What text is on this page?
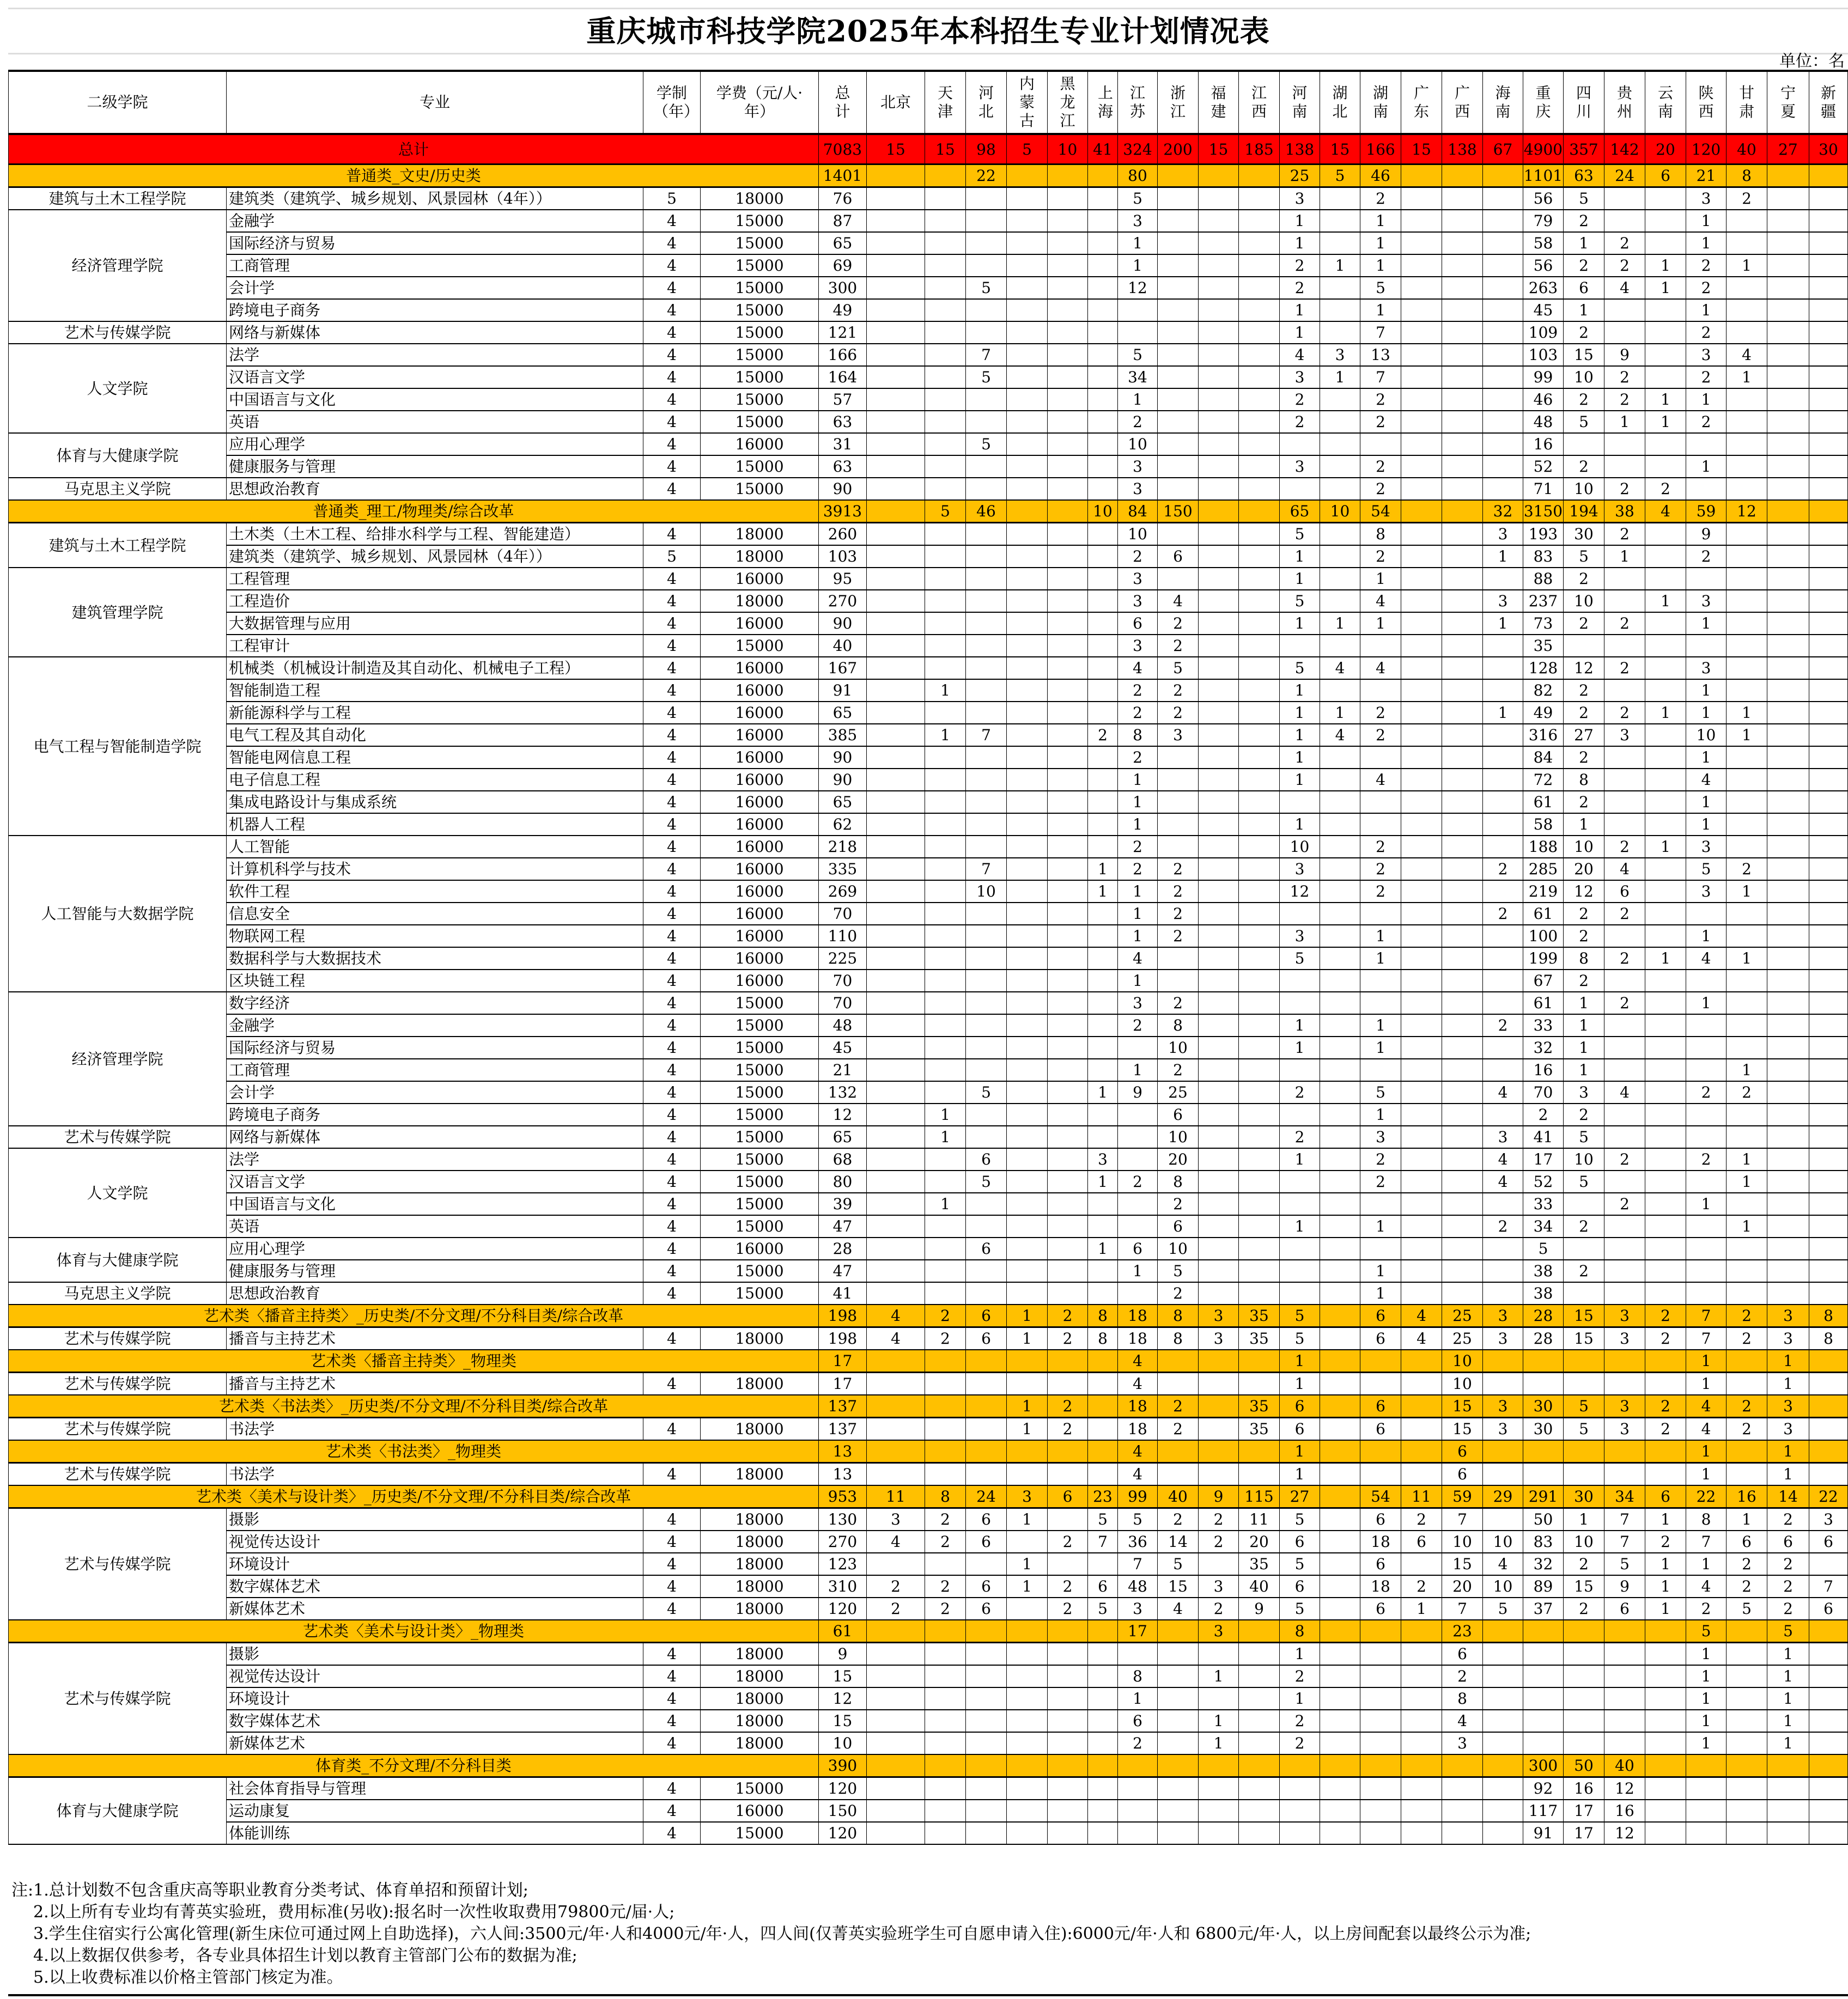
重庆城市科技学院2025年本科招生专业计划情况表
单位：名
二级学院	专业	学制（年）	学费（元/人·年）	总计	北京	天津	河北	内蒙古	黑龙江	上海	江苏	浙江	福建	江西	河南	湖北	湖南	广东	广西	海南	重庆	四川	贵州	云南	陕西	甘肃	宁夏	新疆
总计				7083	15	15	98	5	10	41	324	200	15	185	138	15	166	15	138	67	4900	357	142	20	120	40	27	30
普通类_文史/历史类				1401			22				80				25	5	46				1101	63	24	6	21	8		
建筑与土木工程学院	建筑类（建筑学、城乡规划、风景园林（4年））	5	18000	76							5				3		2				56	5			3	2		
经济管理学院	金融学	4	15000	87							3				1		1				79	2			1			
	国际经济与贸易	4	15000	65							1				1		1				58	1	2		1			
	工商管理	4	15000	69							1				2	1	1				56	2	2	1	2	1		
	会计学	4	15000	300			5				12				2		5				263	6	4	1	2			
	跨境电子商务	4	15000	49											1		1				45	1			1			
艺术与传媒学院	网络与新媒体	4	15000	121											1		7				109	2			2			
人文学院	法学	4	15000	166			7				5				4	3	13				103	15	9		3	4		
	汉语言文学	4	15000	164			5				34				3	1	7				99	10	2		2	1		
	中国语言与文化	4	15000	57							1				2		2				46	2	2	1	1			
	英语	4	15000	63							2				2		2				48	5	1	1	2			
体育与大健康学院	应用心理学	4	16000	31			5				10										16							
	健康服务与管理	4	15000	63							3				3		2				52	2			1			
马克思主义学院	思想政治教育	4	15000	90							3						2				71	10	2	2				
普通类_理工/物理类/综合改革				3913		5	46			10	84	150			65	10	54			32	3150	194	38	4	59	12		
建筑与土木工程学院	土木类（土木工程、给排水科学与工程、智能建造）	4	18000	260							10				5		8			3	193	30	2		9			
	建筑类（建筑学、城乡规划、风景园林（4年））	5	18000	103							2	6			1		2			1	83	5	1		2			
建筑管理学院	工程管理	4	16000	95							3				1		1				88	2						
	工程造价	4	18000	270							3	4			5		4			3	237	10		1	3			
	大数据管理与应用	4	16000	90							6	2			1	1	1			1	73	2	2		1			
	工程审计	4	15000	40							3	2									35							
电气工程与智能制造学院	机械类（机械设计制造及其自动化、机械电子工程）	4	16000	167							4	5			5	4	4				128	12	2		3			
	智能制造工程	4	16000	91		1					2	2			1						82	2			1			
	新能源科学与工程	4	16000	65							2	2			1	1	2			1	49	2	2	1	1	1		
	电气工程及其自动化	4	16000	385		1	7			2	8	3			1	4	2				316	27	3		10	1		
	智能电网信息工程	4	16000	90							2				1						84	2			1			
	电子信息工程	4	16000	90							1				1		4				72	8			4			
	集成电路设计与集成系统	4	16000	65							1										61	2			1			
	机器人工程	4	16000	62							1				1						58	1			1			
人工智能与大数据学院	人工智能	4	16000	218							2				10		2				188	10	2	1	3			
	计算机科学与技术	4	16000	335			7			1	2	2			3		2			2	285	20	4		5	2		
	软件工程	4	16000	269			10			1	1	2			12		2				219	12	6		3	1		
	信息安全	4	16000	70							1	2								2	61	2	2					
	物联网工程	4	16000	110							1	2			3		1				100	2			1			
	数据科学与大数据技术	4	16000	225							4				5		1				199	8	2	1	4	1		
	区块链工程	4	16000	70							1										67	2						
经济管理学院	数字经济	4	15000	70							3	2									61	1	2		1			
	金融学	4	15000	48							2	8			1		1			2	33	1						
	国际经济与贸易	4	15000	45								10			1		1				32	1						
	工商管理	4	15000	21							1	2									16	1				1		
	会计学	4	15000	132			5			1	9	25			2		5			4	70	3	4		2	2		
	跨境电子商务	4	15000	12		1						6					1				2	2						
艺术与传媒学院	网络与新媒体	4	15000	65		1						10			2		3			3	41	5						
人文学院	法学	4	15000	68			6			3		20			1		2			4	17	10	2		2	1		
	汉语言文学	4	15000	80			5			1	2	8					2			4	52	5				1		
	中国语言与文化	4	15000	39		1						2									33		2		1			
	英语	4	15000	47								6			1		1			2	34	2				1		
体育与大健康学院	应用心理学	4	16000	28			6			1	6	10									5							
	健康服务与管理	4	15000	47							1	5					1				38	2						
马克思主义学院	思想政治教育	4	15000	41								2					1				38							
艺术类〈播音主持类〉_历史类/不分文理/不分科目类/综合改革				198	4	2	6	1	2	8	18	8	3	35	5		6	4	25	3	28	15	3	2	7	2	3	8
艺术与传媒学院	播音与主持艺术	4	18000	198	4	2	6	1	2	8	18	8	3	35	5		6	4	25	3	28	15	3	2	7	2	3	8
艺术类〈播音主持类〉_物理类				17							4				1				10						1		1	
艺术与传媒学院	播音与主持艺术	4	18000	17							4				1				10						1		1	
艺术类〈书法类〉_历史类/不分文理/不分科目类/综合改革				137				1	2		18	2		35	6		6		15	3	30	5	3	2	4	2	3	
艺术与传媒学院	书法学	4	18000	137				1	2		18	2		35	6		6		15	3	30	5	3	2	4	2	3	
艺术类〈书法类〉_物理类				13							4				1				6						1		1	
艺术与传媒学院	书法学	4	18000	13							4				1				6						1		1	
艺术类〈美术与设计类〉_历史类/不分文理/不分科目类/综合改革				953	11	8	24	3	6	23	99	40	9	115	27		54	11	59	29	291	30	34	6	22	16	14	22
艺术与传媒学院	摄影	4	18000	130	3	2	6	1		5	5	2	2	11	5		6	2	7		50	1	7	1	8	1	2	3
	视觉传达设计	4	18000	270	4	2	6		2	7	36	14	2	20	6		18	6	10	10	83	10	7	2	7	6	6	6
	环境设计	4	18000	123				1			7	5		35	5		6		15	4	32	2	5	1	1	2	2	
	数字媒体艺术	4	18000	310	2	2	6	1	2	6	48	15	3	40	6		18	2	20	10	89	15	9	1	4	2	2	7
	新媒体艺术	4	18000	120	2	2	6		2	5	3	4	2	9	5		6	1	7	5	37	2	6	1	2	5	2	6
艺术类〈美术与设计类〉_物理类				61							17		3		8				23						5		5	
艺术与传媒学院	摄影	4	18000	9											1				6						1		1	
	视觉传达设计	4	18000	15							8		1		2				2						1		1	
	环境设计	4	18000	12							1				1				8						1		1	
	数字媒体艺术	4	18000	15							6		1		2				4						1		1	
	新媒体艺术	4	18000	10							2		1		2				3						1		1	
体育类_不分文理/不分科目类				390																	300	50	40					
体育与大健康学院	社会体育指导与管理	4	15000	120																	92	16	12					
	运动康复	4	16000	150																	117	17	16					
	体能训练	4	15000	120																	91	17	12					
注:1.总计划数不包含重庆高等职业教育分类考试、体育单招和预留计划;
2.以上所有专业均有菁英实验班，费用标准(另收):报名时一次性收取费用79800元/届·人;
3.学生住宿实行公寓化管理(新生床位可通过网上自助选择)，六人间:3500元/年·人和4000元/年·人，四人间(仅菁英实验班学生可自愿申请入住):6000元/年·人和 6800元/年·人，以上房间配套以最终公示为准;
4.以上数据仅供参考，各专业具体招生计划以教育主管部门公布的数据为准;
5.以上收费标准以价格主管部门核定为准。
